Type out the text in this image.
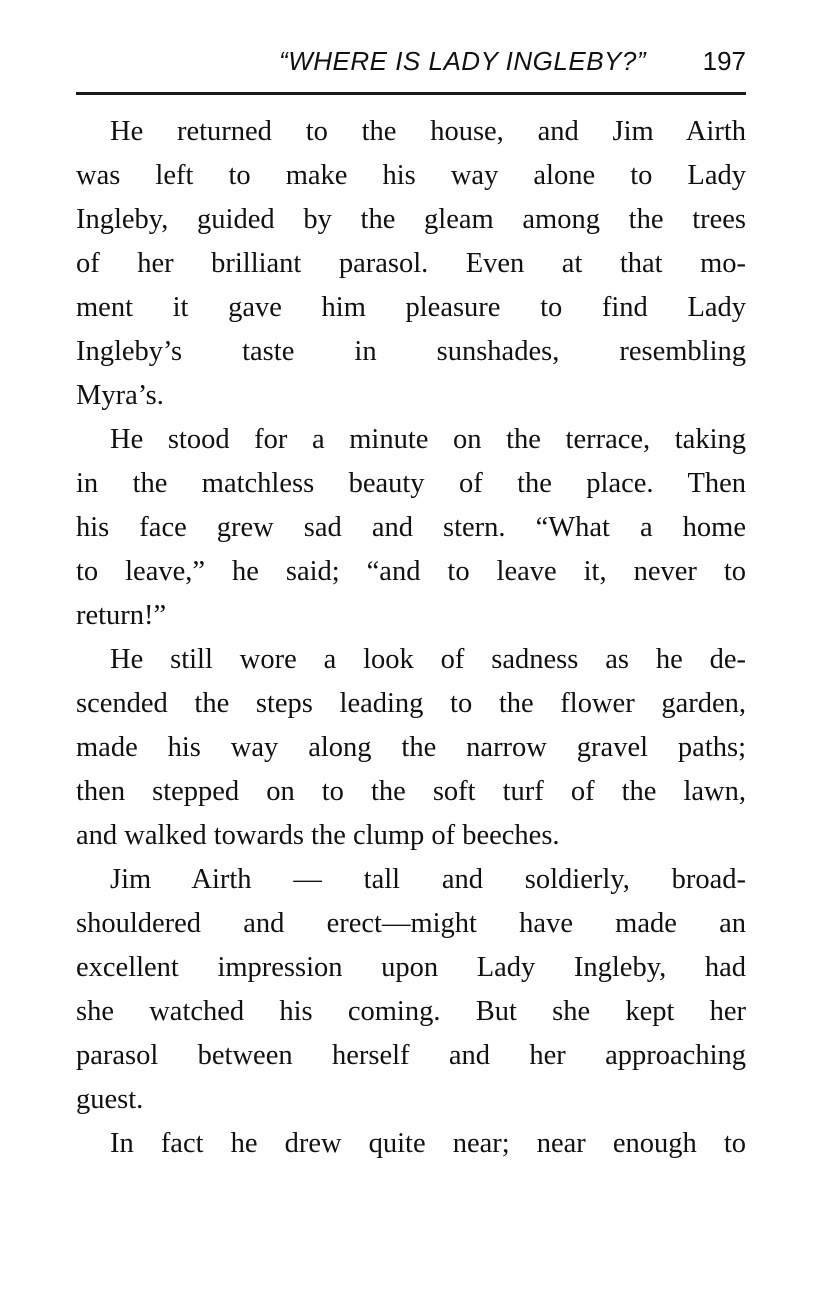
“WHERE IS LADY INGLEBY?” 197
He returned to the house, and Jim Airth
was left to make his way alone to Lady
Ingleby, guided by the gleam among the trees
of her brilliant parasol. Even at that mo-
ment it gave him pleasure to find Lady
Ingleby’s taste in sunshades, resembling
Myra’s.
He stood for a minute on the terrace, taking
in the matchless beauty of the place. Then
his face grew sad and stern. “What a home
to leave,” he said; “and to leave it, never to
return!”
He still wore a look of sadness as he de-
scended the steps leading to the flower garden,
made his way along the narrow gravel paths;
then stepped on to the soft turf of the lawn,
and walked towards the clump of beeches.
Jim Airth — tall and soldierly, broad-
shouldered and erect—might have made an
excellent impression upon Lady Ingleby, had
she watched his coming. But she kept her
parasol between herself and her approaching
guest.
In fact he drew quite near; near enough to
